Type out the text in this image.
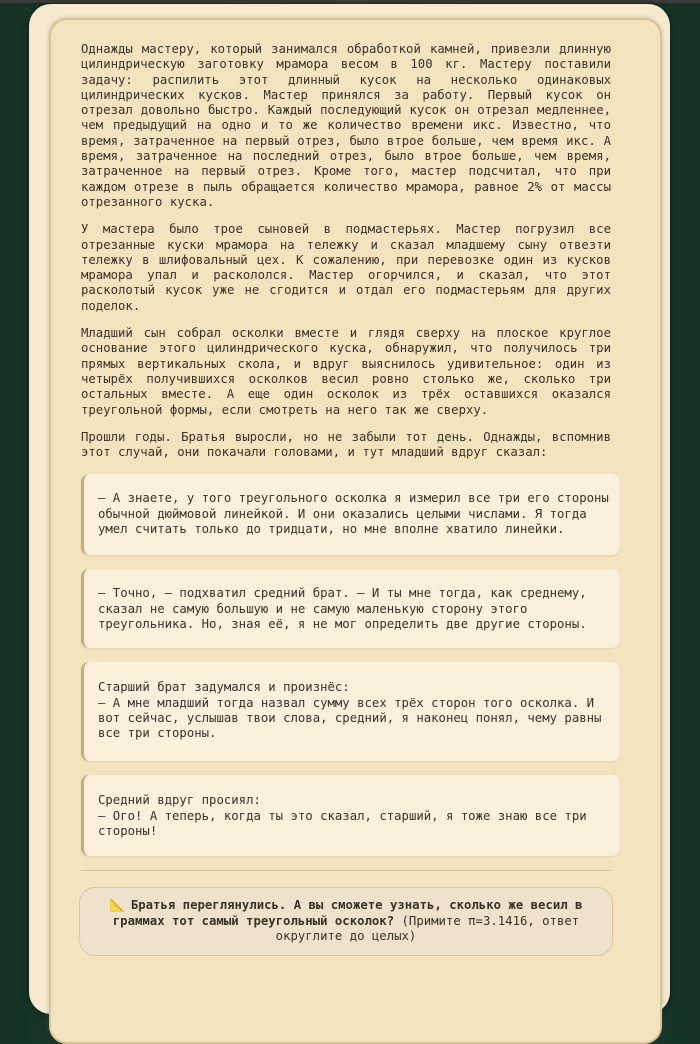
Однажды мастеру, который занимался обработкой камней, привезли длинную цилиндрическую заготовку мрамора весом в 100 кг. Мастеру поставили задачу: распилить этот длинный кусок на несколько одинаковых цилиндрических кусков. Мастер принялся за работу. Первый кусок он отрезал довольно быстро. Каждый последующий кусок он отрезал медленнее, чем предыдущий на одно и то же количество времени икс. Известно, что время, затраченное на первый отрез, было втрое больше, чем время икс. А время, затраченное на последний отрез, было втрое больше, чем время, затраченное на первый отрез. Кроме того, мастер подсчитал, что при каждом отрезе в пыль обращается количество мрамора, равное 2% от массы отрезанного куска.

У мастера было трое сыновей в подмастерьях. Мастер погрузил все отрезанные куски мрамора на тележку и сказал младшему сыну отвезти тележку в шлифовальный цех. К сожалению, при перевозке один из кусков мрамора упал и раскололся. Мастер огорчился, и сказал, что этот расколотый кусок уже не сгодится и отдал его подмастерьям для других поделок.

Младший сын собрал осколки вместе и глядя сверху на плоское круглое основание этого цилиндрического куска, обнаружил, что получилось три прямых вертикальных скола, и вдруг выяснилось удивительное: один из четырёх получившихся осколков весил ровно столько же, сколько три остальных вместе. А еще один осколок из трёх оставшихся оказался треугольной формы, если смотреть на него так же сверху.

Прошли годы. Братья выросли, но не забыли тот день. Однажды, вспомнив этот случай, они покачали головами, и тут младший вдруг сказал:

– А знаете, у того треугольного осколка я измерил все три его стороны обычной дюймовой линейкой. И они оказались целыми числами. Я тогда умел считать только до тридцати, но мне вполне хватило линейки.
– Точно, – подхватил средний брат. – И ты мне тогда, как среднему, сказал не самую большую и не самую маленькую сторону этого треугольника. Но, зная её, я не мог определить две другие стороны.
Старший брат задумался и произнёс:
– А мне младший тогда назвал сумму всех трёх сторон того осколка. И вот сейчас, услышав твои слова, средний, я наконец понял, чему равны все три стороны.
Средний вдруг просиял:
– Ого! А теперь, когда ты это сказал, старший, я тоже знаю все три стороны!
📐 Братья переглянулись. А вы сможете узнать, сколько же весил в граммах тот самый треугольный осколок? (Примите π=3.1416, ответ округлите до целых)
